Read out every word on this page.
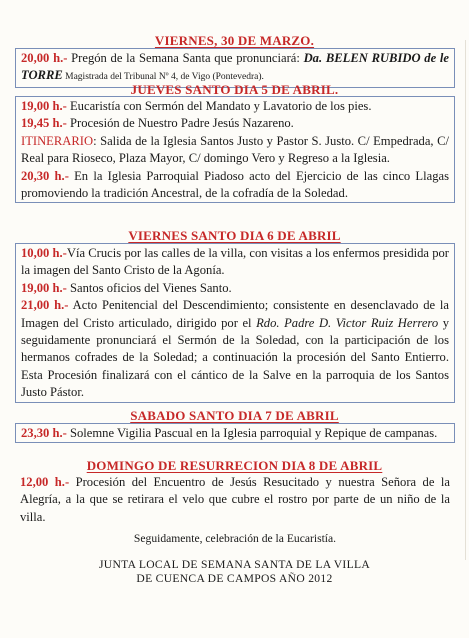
VIERNES, 30 DE MARZO.

20,00 h.- Pregón de la Semana Santa que pronunciará: Da. BELEN RUBIDO de le TORRE Magistrada del Tribunal Nº 4, de Vigo (Pontevedra).

JUEVES SANTO DIA 5 DE ABRIL.

19,00 h.- Eucaristía con Sermón del Mandato y Lavatorio de los pies.

19,45 h.- Procesión de Nuestro Padre Jesús Nazareno.

ITINERARIO: Salida de la Iglesia Santos Justo y Pastor S. Justo. C/ Empedrada, C/ Real para Rioseco, Plaza Mayor, C/ domingo Vero y Regreso a la Iglesia.

20,30 h.- En la Iglesia Parroquial Piadoso acto del Ejercicio de las cinco Llagas promoviendo la tradición Ancestral, de la cofradía de la Soledad.

VIERNES SANTO DIA 6 DE ABRIL

10,00 h.-Vía Crucis por las calles de la villa, con visitas a los enfermos presidida por la imagen del Santo Cristo de la Agonía.

19,00 h.- Santos oficios del Vienes Santo.

21,00 h.- Acto Penitencial del Descendimiento; consistente en desenclavado de la Imagen del Cristo articulado, dirigido por el Rdo. Padre D. Victor Ruiz Herrero y seguidamente pronunciará el Sermón de la Soledad, con la participación de los hermanos cofrades de la Soledad; a continuación la procesión del Santo Entierro. Esta Procesión finalizará con el cántico de la Salve en la parroquia de los Santos Justo Pástor.

SABADO SANTO DIA 7 DE ABRIL

23,30 h.- Solemne Vigilia Pascual en la Iglesia parroquial y Repique de campanas.

DOMINGO DE RESURRECION DIA 8 DE ABRIL

12,00 h.- Procesión del Encuentro de Jesús Resucitado y nuestra Señora de la Alegría, a la que se retirara el velo que cubre el rostro por parte de un niño de la villa.

Seguidamente, celebración de la Eucaristía.

JUNTA LOCAL DE SEMANA SANTA DE LA VILLA
DE CUENCA DE CAMPOS AÑO 2012
